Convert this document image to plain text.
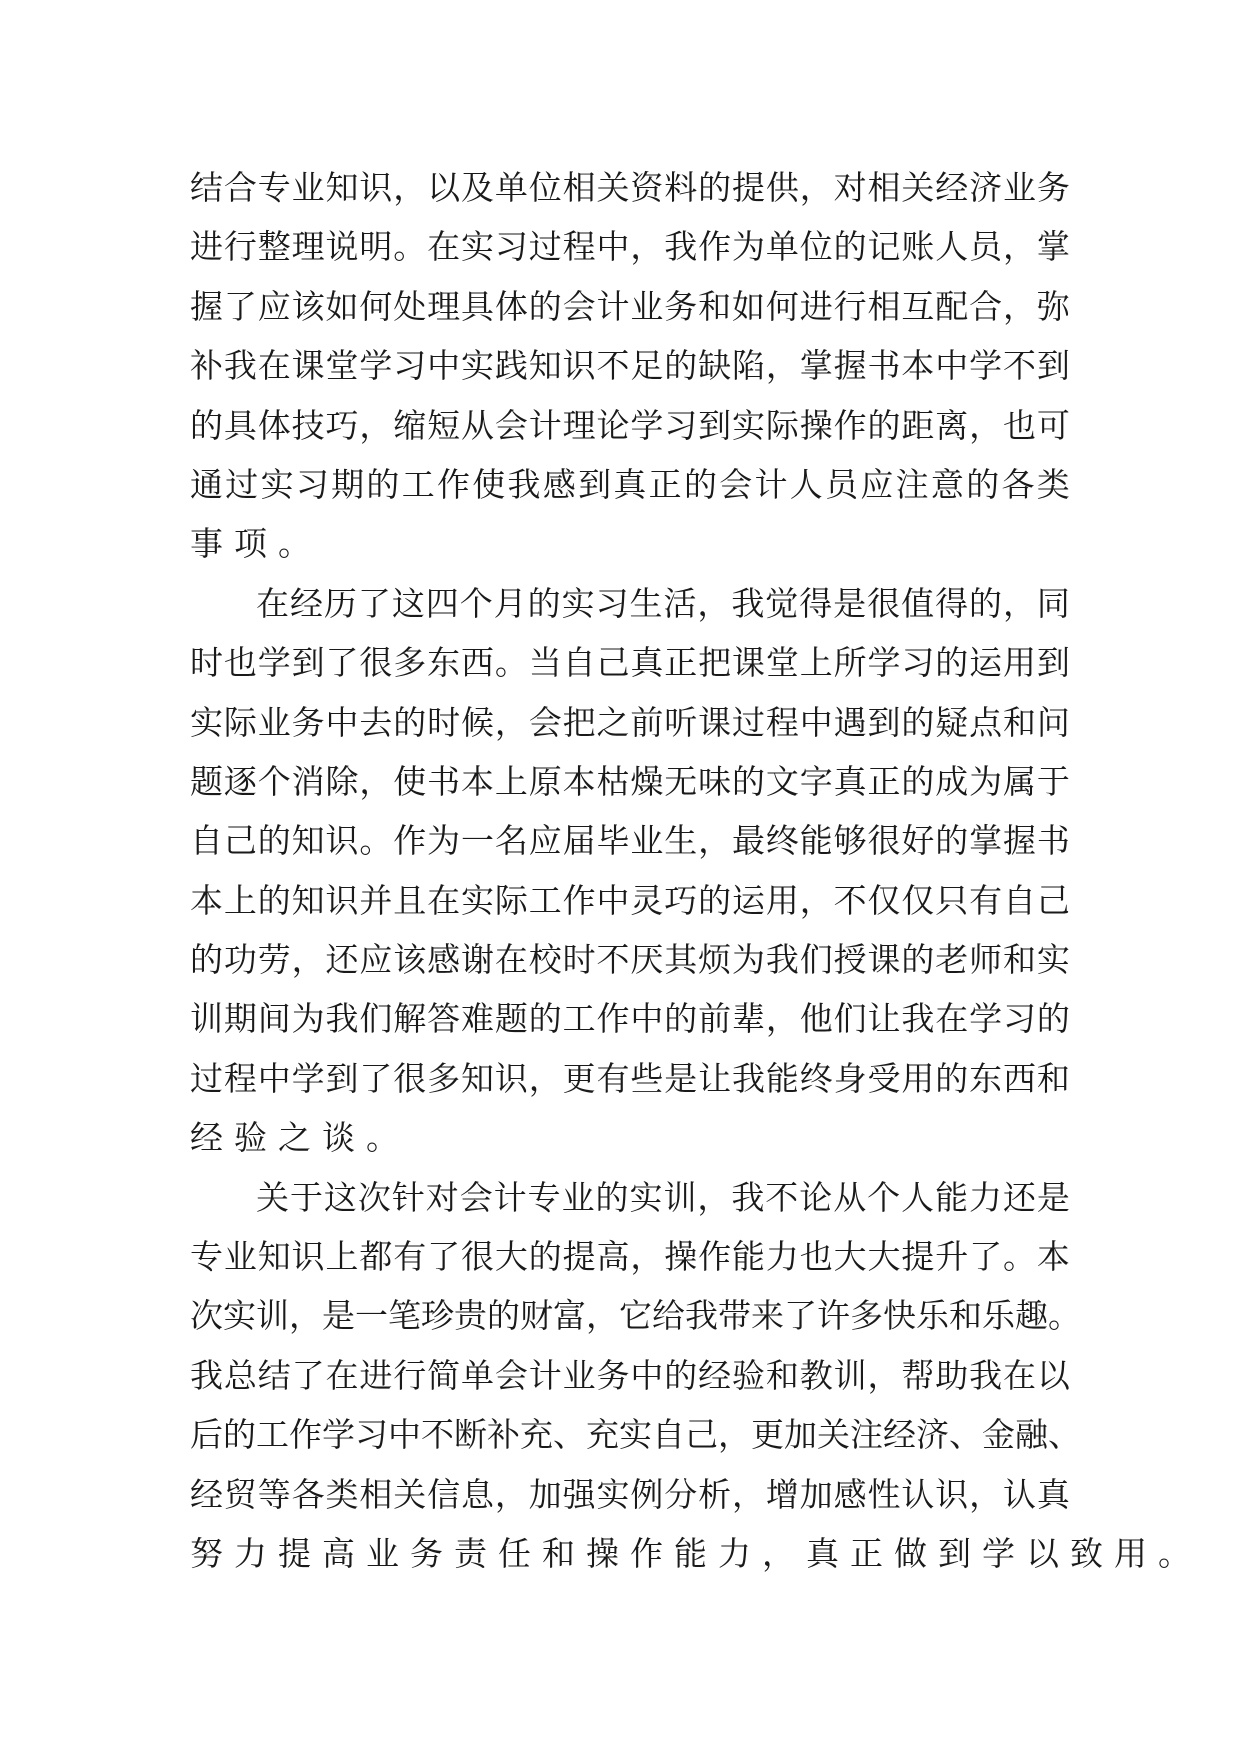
结 合 专 业 知 识 ， 以 及 单 位 相 关 资 料 的 提 供 ， 对 相 关 经 济 业 务
进 行 整 理 说 明 。 在 实 习 过 程 中 ， 我 作 为 单 位 的 记 账 人 员 ， 掌
握 了 应 该 如 何 处 理 具 体 的 会 计 业 务 和 如 何 进 行 相 互 配 合 ， 弥
补 我 在 课 堂 学 习 中 实 践 知 识 不 足 的 缺 陷 ， 掌 握 书 本 中 学 不 到
的 具 体 技 巧 ， 缩 短 从 会 计 理 论 学 习 到 实 际 操 作 的 距 离 ， 也 可
通 过 实 习 期 的 工 作 使 我 感 到 真 正 的 会 计 人 员 应 注 意 的 各 类
事项。
在 经 历 了 这 四 个 月 的 实 习 生 活 ， 我 觉 得 是 很 值 得 的 ， 同
时 也 学 到 了 很 多 东 西 。 当 自 己 真 正 把 课 堂 上 所 学 习 的 运 用 到
实 际 业 务 中 去 的 时 候 ， 会 把 之 前 听 课 过 程 中 遇 到 的 疑 点 和 问
题 逐 个 消 除 ， 使 书 本 上 原 本 枯 燥 无 味 的 文 字 真 正 的 成 为 属 于
自 己 的 知 识 。 作 为 一 名 应 届 毕 业 生 ， 最 终 能 够 很 好 的 掌 握 书
本 上 的 知 识 并 且 在 实 际 工 作 中 灵 巧 的 运 用 ， 不 仅 仅 只 有 自 己
的 功 劳 ， 还 应 该 感 谢 在 校 时 不 厌 其 烦 为 我 们 授 课 的 老 师 和 实
训 期 间 为 我 们 解 答 难 题 的 工 作 中 的 前 辈 ， 他 们 让 我 在 学 习 的
过 程 中 学 到 了 很 多 知 识 ， 更 有 些 是 让 我 能 终 身 受 用 的 东 西 和
经验之谈。
关 于 这 次 针 对 会 计 专 业 的 实 训 ， 我 不 论 从 个 人 能 力 还 是
专 业 知 识 上 都 有 了 很 大 的 提 高 ， 操 作 能 力 也 大 大 提 升 了 。 本
次 实 训 ， 是 一 笔 珍 贵 的 财 富 ， 它 给 我 带 来 了 许 多 快 乐 和 乐 趣 。
我 总 结 了 在 进 行 简 单 会 计 业 务 中 的 经 验 和 教 训 ， 帮 助 我 在 以
后 的 工 作 学 习 中 不 断 补 充 、 充 实 自 己 ， 更 加 关 注 经 济 、 金 融 、
经 贸 等 各 类 相 关 信 息 ， 加 强 实 例 分 析 ， 增 加 感 性 认 识 ， 认 真
努力提高业务责任和操作能力，真正做到学以致用。
